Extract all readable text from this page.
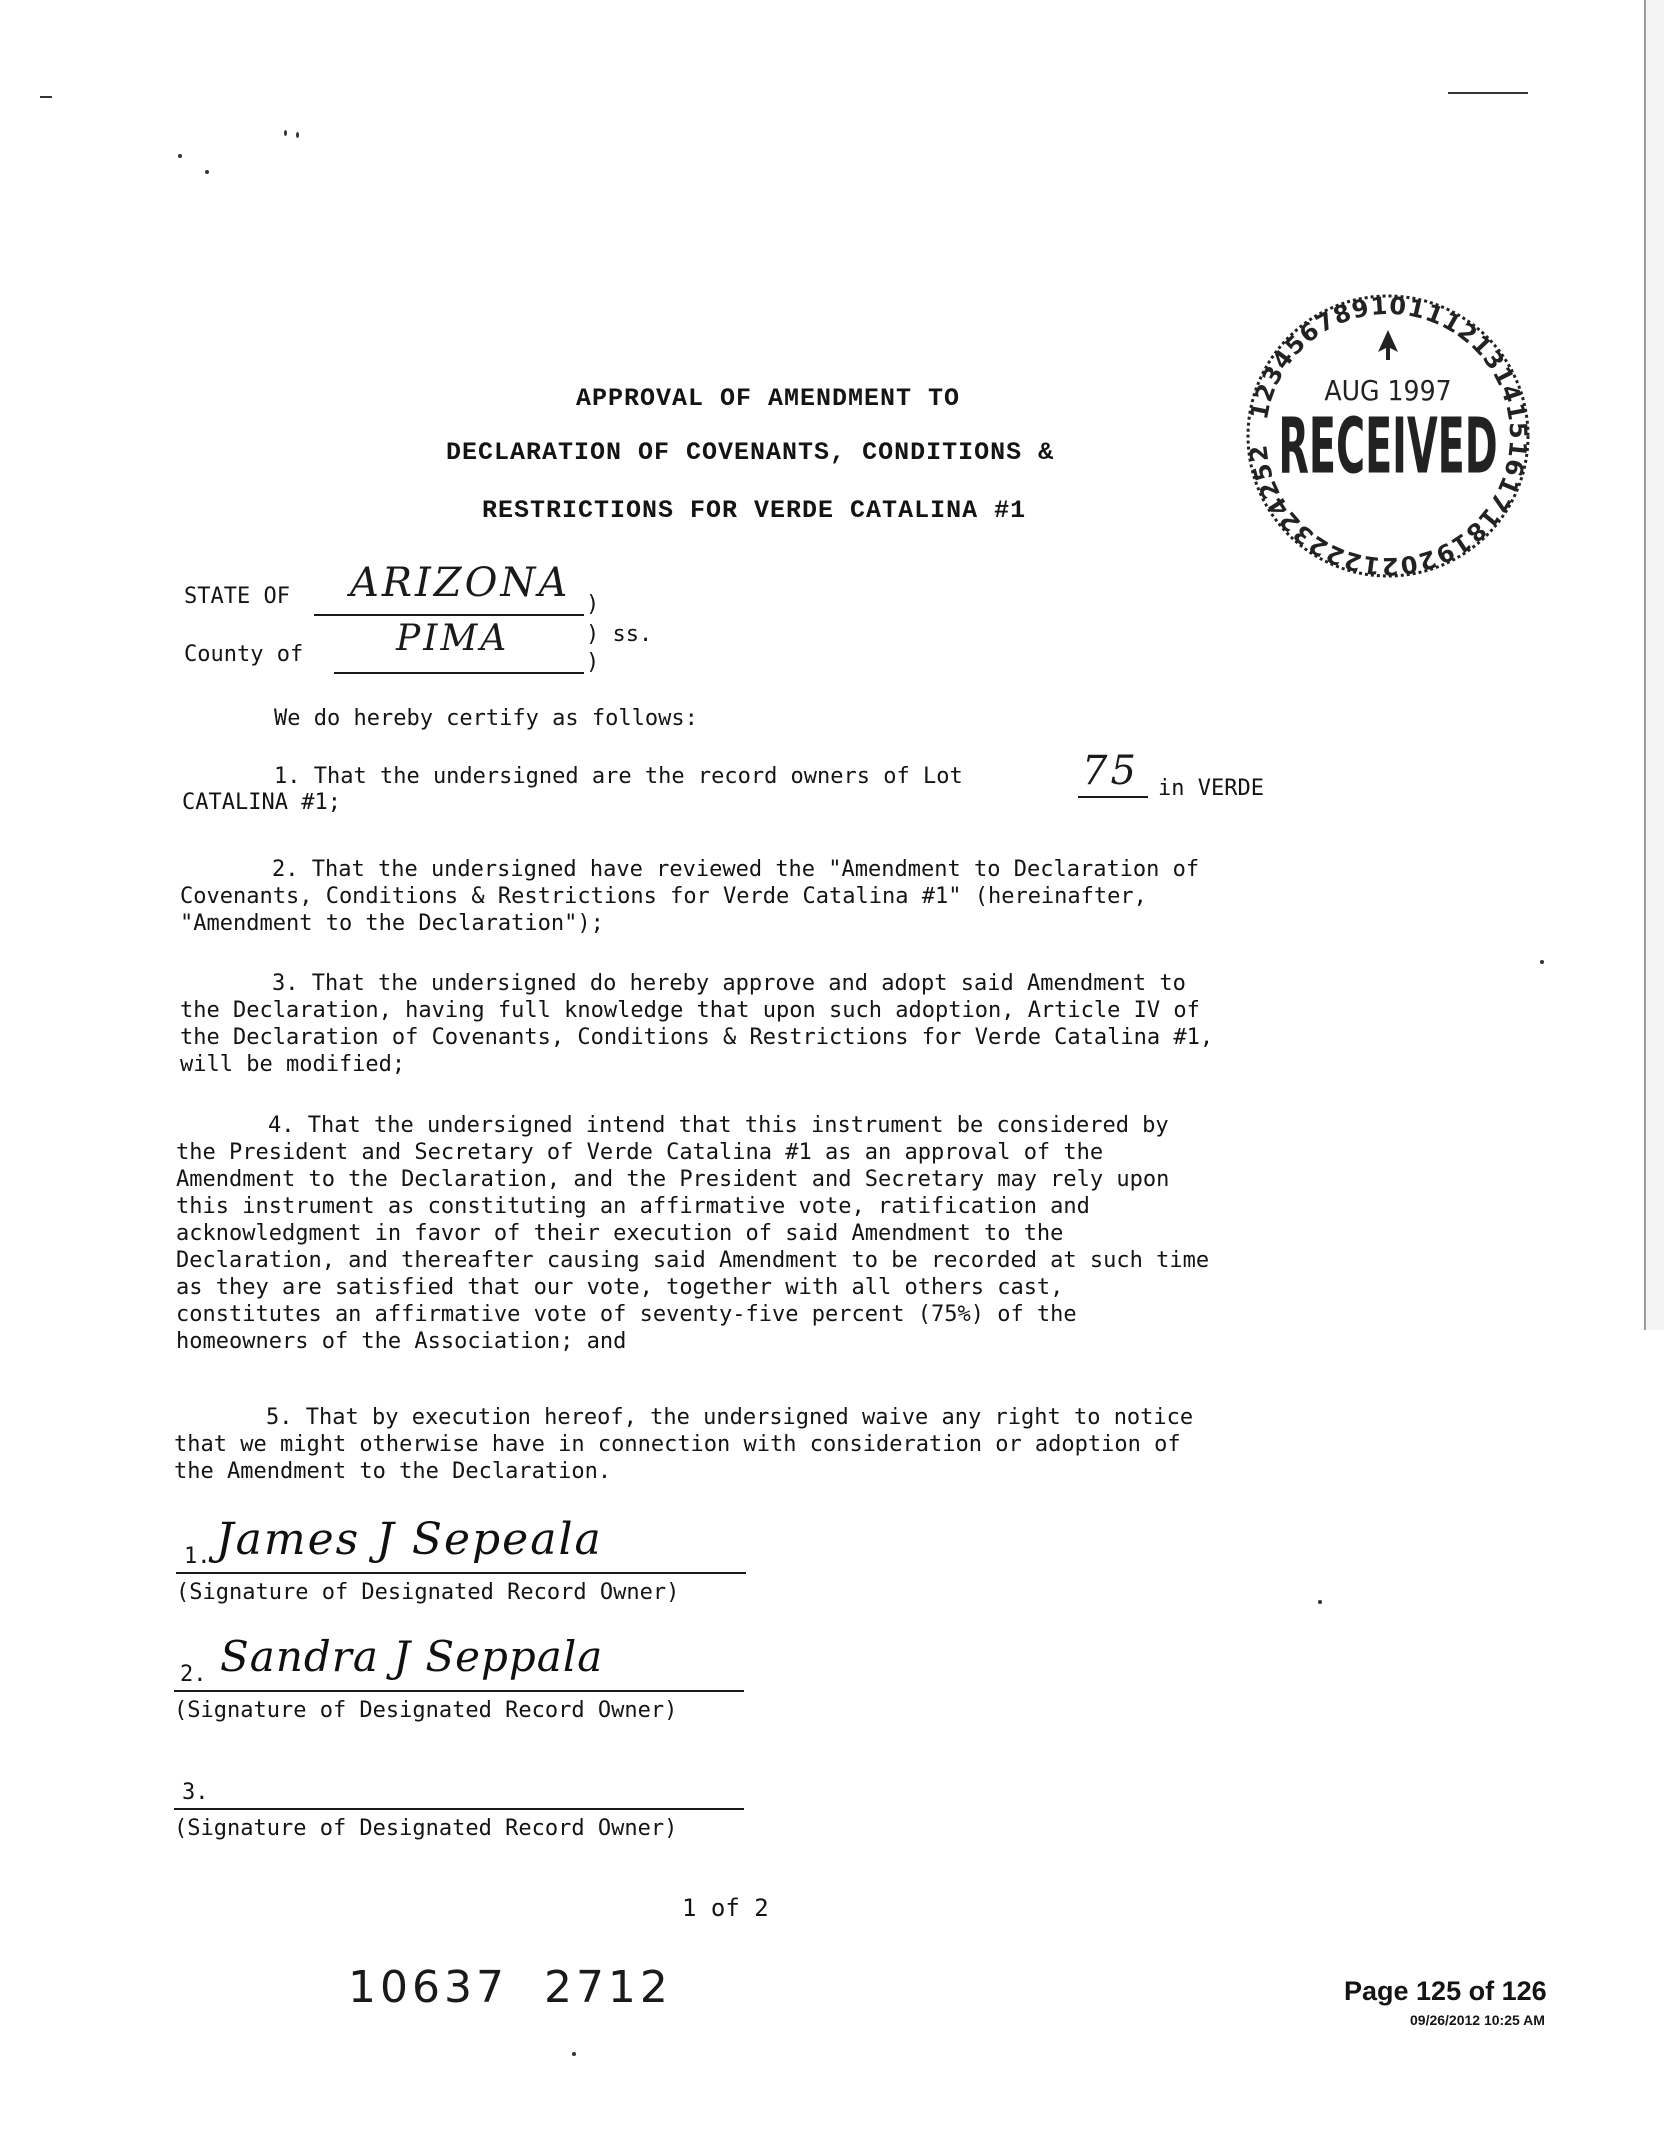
APPROVAL OF AMENDMENT TO
DECLARATION OF COVENANTS, CONDITIONS &
RESTRICTIONS FOR VERDE CATALINA #1
123456789101112131415161718192021222324252
AUG 1997
RECEIVED
STATE OF ARIZONA )
County of	PIMA	) ss.
)
We do hereby certify as follows:
1. That the undersigned are the record owners of Lot	75 in VERDE
CATALINA #1;
2. That the undersigned have reviewed the "Amendment to Declaration of
Covenants, Conditions & Restrictions for Verde Catalina #1" (hereinafter,
"Amendment to the Declaration");
3. That the undersigned do hereby approve and adopt said Amendment to
the Declaration, having full knowledge that upon such adoption, Article IV of
the Declaration of Covenants, Conditions & Restrictions for Verde Catalina #1,
will be modified;
4. That the undersigned intend that this instrument be considered by
the President and Secretary of Verde Catalina #1 as an approval of the
Amendment to the Declaration, and the President and Secretary may rely upon
this instrument as constituting an affirmative vote, ratification and
acknowledgment in favor of their execution of said Amendment to the
Declaration, and thereafter causing said Amendment to be recorded at such time
as they are satisfied that our vote, together with all others cast,
constitutes an affirmative vote of seventy-five percent (75%) of the
homeowners of the Association; and
5. That by execution hereof, the undersigned waive any right to notice
that we might otherwise have in connection with consideration or adoption of
the Amendment to the Declaration.
1. James J Sepeala
(Signature of Designated Record Owner)
2. Sandra J Seppala
(Signature of Designated Record Owner)
3.
(Signature of Designated Record Owner)
1 of 2
10637  2712	Page 125 of 126
09/26/2012 10:25 AM
